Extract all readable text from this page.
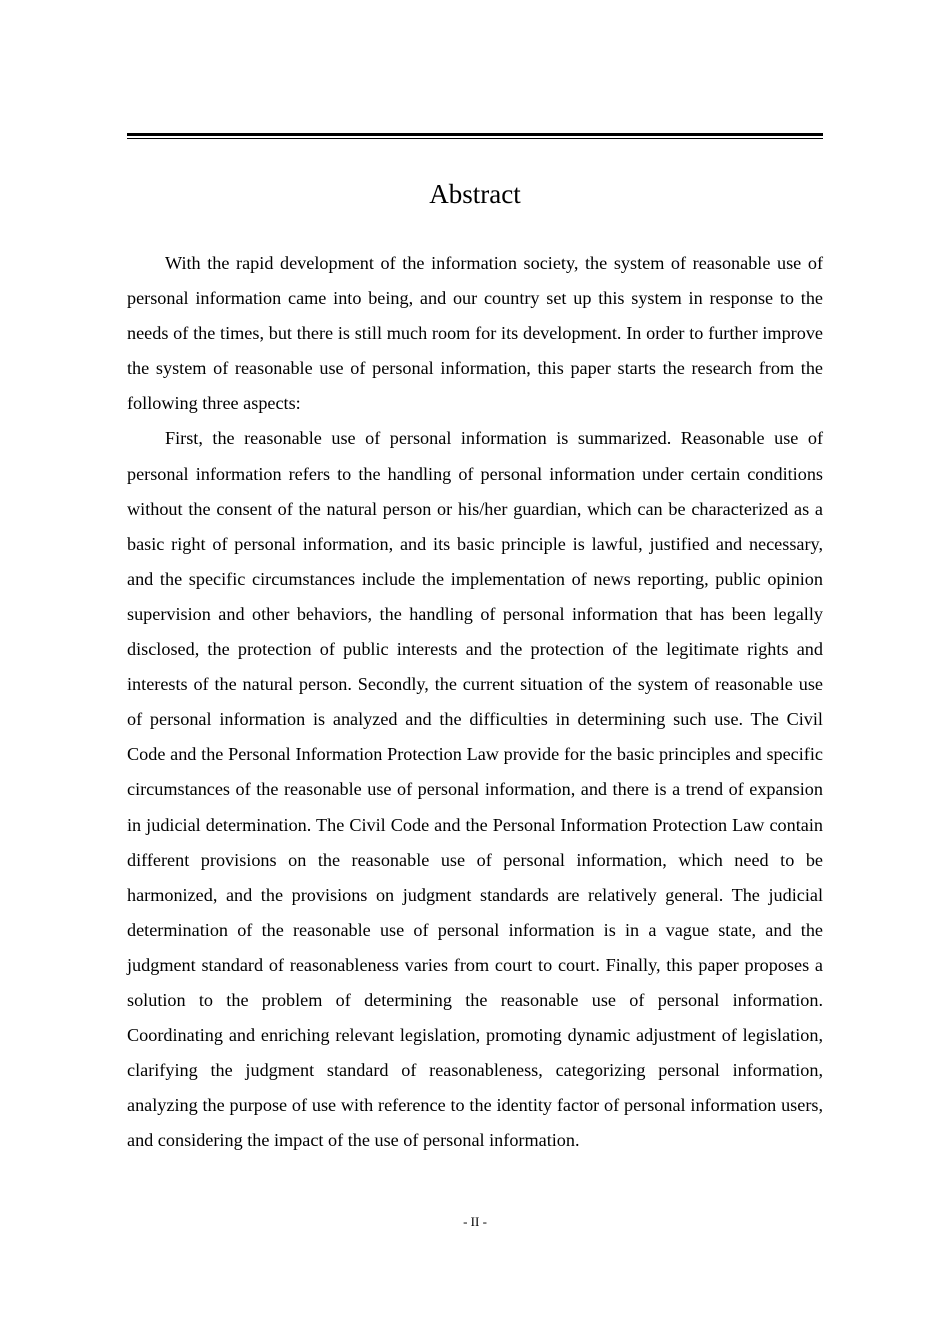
Abstract

With the rapid development of the information society, the system of reasonable use of personal information came into being, and our country set up this system in response to the needs of the times, but there is still much room for its development. In order to further improve the system of reasonable use of personal information, this paper starts the research from the following three aspects:

First, the reasonable use of personal information is summarized. Reasonable use of personal information refers to the handling of personal information under certain conditions without the consent of the natural person or his/her guardian, which can be characterized as a basic right of personal information, and its basic principle is lawful, justified and necessary, and the specific circumstances include the implementation of news reporting, public opinion supervision and other behaviors, the handling of personal information that has been legally disclosed, the protection of public interests and the protection of the legitimate rights and interests of the natural person. Secondly, the current situation of the system of reasonable use of personal information is analyzed and the difficulties in determining such use. The Civil Code and the Personal Information Protection Law provide for the basic principles and specific circumstances of the reasonable use of personal information, and there is a trend of expansion in judicial determination. The Civil Code and the Personal Information Protection Law contain different provisions on the reasonable use of personal information, which need to be harmonized, and the provisions on judgment standards are relatively general. The judicial determination of the reasonable use of personal information is in a vague state, and the judgment standard of reasonableness varies from court to court. Finally, this paper proposes a solution to the problem of determining the reasonable use of personal information. Coordinating and enriching relevant legislation, promoting dynamic adjustment of legislation, clarifying the judgment standard of reasonableness, categorizing personal information, analyzing the purpose of use with reference to the identity factor of personal information users, and considering the impact of the use of personal information.

- II -
